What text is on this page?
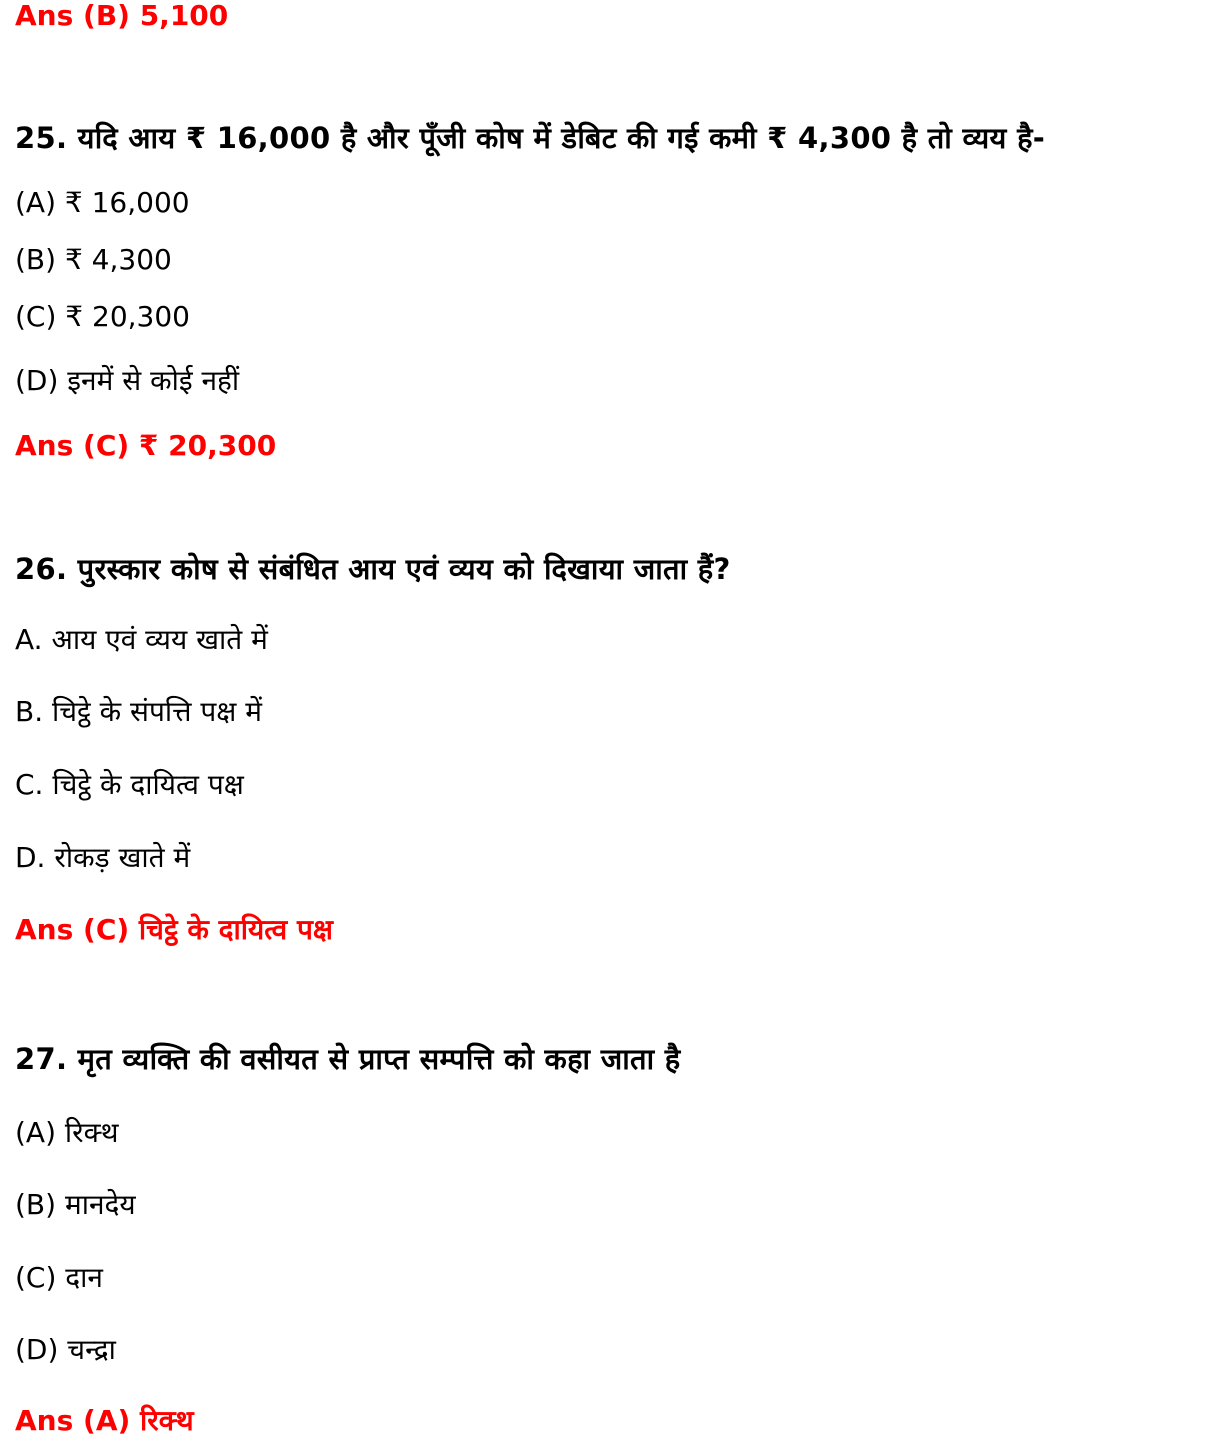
Ans (B) 5,100
25. यदि आय ₹ 16,000 है और पूँजी कोष में डेबिट की गई कमी ₹ 4,300 है तो व्यय है-
(A) ₹ 16,000
(B) ₹ 4,300
(C) ₹ 20,300
(D) इनमें से कोई नहीं
Ans (C) ₹ 20,300
26. पुरस्कार कोष से संबंधित आय एवं व्यय को दिखाया जाता हैं?
A. आय एवं व्यय खाते में
B. चिट्ठे के संपत्ति पक्ष में
C. चिट्ठे के दायित्व पक्ष
D. रोकड़ खाते में
Ans (C) चिट्ठे के दायित्व पक्ष
27. मृत व्यक्ति की वसीयत से प्राप्त सम्पत्ति को कहा जाता है
(A) रिक्थ
(B) मानदेय
(C) दान
(D) चन्द्रा
Ans (A) रिक्थ
